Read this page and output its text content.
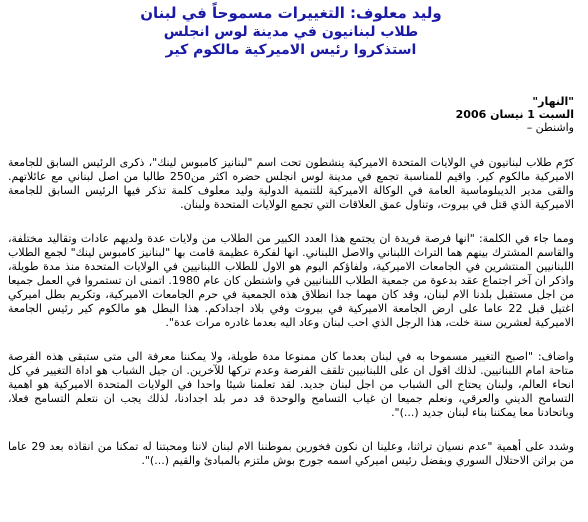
وليد معلوف: التغييرات مسموحاً في لبنان
طلاب لبنانيون في مدينة لوس انجلس
استذكروا رئيس الاميركية مالكوم كير
"النهار"
السبت 1 نيسان 2006
واشنطن –

كرّم طلاب لبنانيون في الولايات المتحدة الاميركية ينشطون تحت اسم "لبنانيز كامبوس لينك"، ذكرى الرئيس السابق للجامعة الاميركية مالكوم كير. واقيم للمناسبة تجمع في مدينة لوس انجلس حضره اكثر من250 طالبا من اصل لبناني مع عائلاتهم. والقى مدير الديبلوماسية العامة في الوكالة الاميركية للتنمية الدولية وليد معلوف كلمة تذكر فيها الرئيس السابق للجامعة الاميركية الذي قتل في بيروت، وتناول عمق العلاقات التي تجمع الولايات المتحدة ولبنان.

ومما جاء في الكلمة: "انها فرصة فريدة ان يجتمع هذا العدد الكبير من الطلاب من ولايات عدة ولديهم عادات وتقاليد مختلفة، والقاسم المشترك بينهم هما التراث اللبناني والاصل اللبناني. انها لفكرة عظيمة قامت بها "لبنانيز كامبوس لينك" لجمع الطلاب اللبنانيين المنتشرين في الجامعات الاميركية، ولفاؤكم اليوم هو الاول للطلاب اللبنانيين في الولايات المتحدة منذ مدة طويلة، واذكر ان آخر اجتماع عقد بدعوة من جمعية الطلاب اللبنانيين في واشنطن كان عام 1980. اتمنى ان تستمروا في العمل جميعا من اجل مستقبل بلدنا الام لبنان، وقد كان مهما جدا انطلاق هذه الجمعية في حرم الجامعات الاميركية، وتكريم بطل اميركي اغتيل قبل 22 عاما على ارض الجامعة الاميركية في بيروت وفي بلاد اجدادكم. هذا البطل هو مالكوم كير رئيس الجامعة الاميركية لعشرين سنة خلت، هذا الرجل الذي احب لبنان وعاد اليه بعدما غادره مرات عدة".

واضاف: "اصبح التغيير مسموحا به في لبنان بعدما كان ممنوعا مدة طويلة، ولا يمكننا معرفة الى متى ستبقى هذه الفرصة متاحة امام اللبنانيين. لذلك اقول ان على اللبنانيين تلقف الفرصة وعدم تركها للآخرين. ان جيل الشباب هو اداة التغيير في كل انحاء العالم، ولبنان يحتاج الى الشباب من اجل لبنان جديد. لقد تعلمنا شيئا واحدا في الولايات المتحدة الاميركية هو اهمية التسامح الديني والعرقي، ونعلم جميعا ان غياب التسامح والوحدة قد دمر بلد اجدادنا، لذلك يجب ان نتعلم التسامح فعلا، وباتحادنا معا يمكننا بناء لبنان جديد (...)".

وشدد على أهمية "عدم نسيان تراثنا، وعلينا ان نكون فخورين بموطننا الام لبنان لاننا ومحبتنا له تمكنا من انقاذه بعد 29 عاما من براثن الاحتلال السوري وبفضل رئيس اميركي اسمه جورج بوش ملتزم بالمبادئ والقيم (...)".
